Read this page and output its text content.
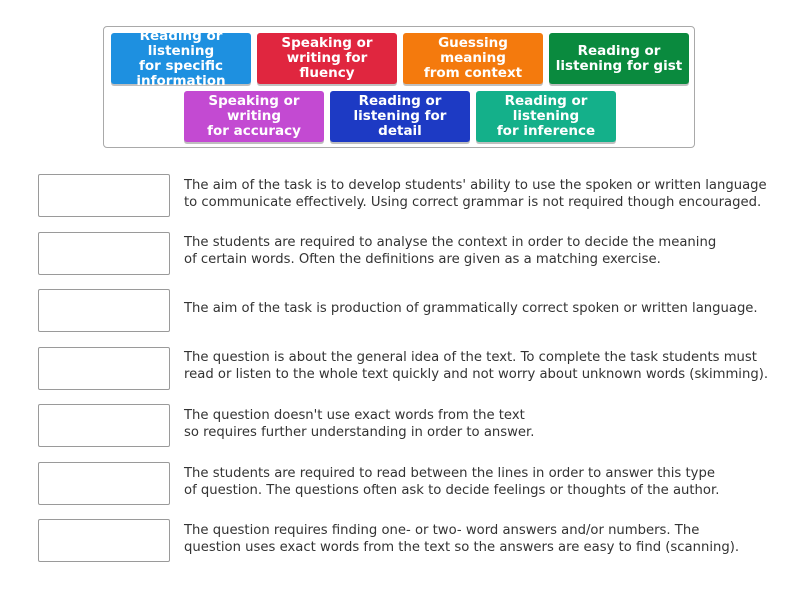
Reading or listening
for specific
information
Speaking or
writing for fluency
Guessing meaning
from context
Reading or
listening for gist
Speaking or writing
for accuracy
Reading or
listening for detail
Reading or listening
for inference
The aim of the task is to develop students' ability to use the spoken or written language
to communicate effectively. Using correct grammar is not required though encouraged.
The students are required to analyse the context in order to decide the meaning
of certain words. Often the definitions are given as a matching exercise.
The aim of the task is production of grammatically correct spoken or written language.
The question is about the general idea of the text. To complete the task students must
read or listen to the whole text quickly and not worry about unknown words (skimming).
The question doesn't use exact words from the text
so requires further understanding in order to answer.
The students are required to read between the lines in order to answer this type
of question. The questions often ask to decide feelings or thoughts of the author.
The question requires finding one- or two- word answers and/or numbers. The
question uses exact words from the text so the answers are easy to find (scanning).
